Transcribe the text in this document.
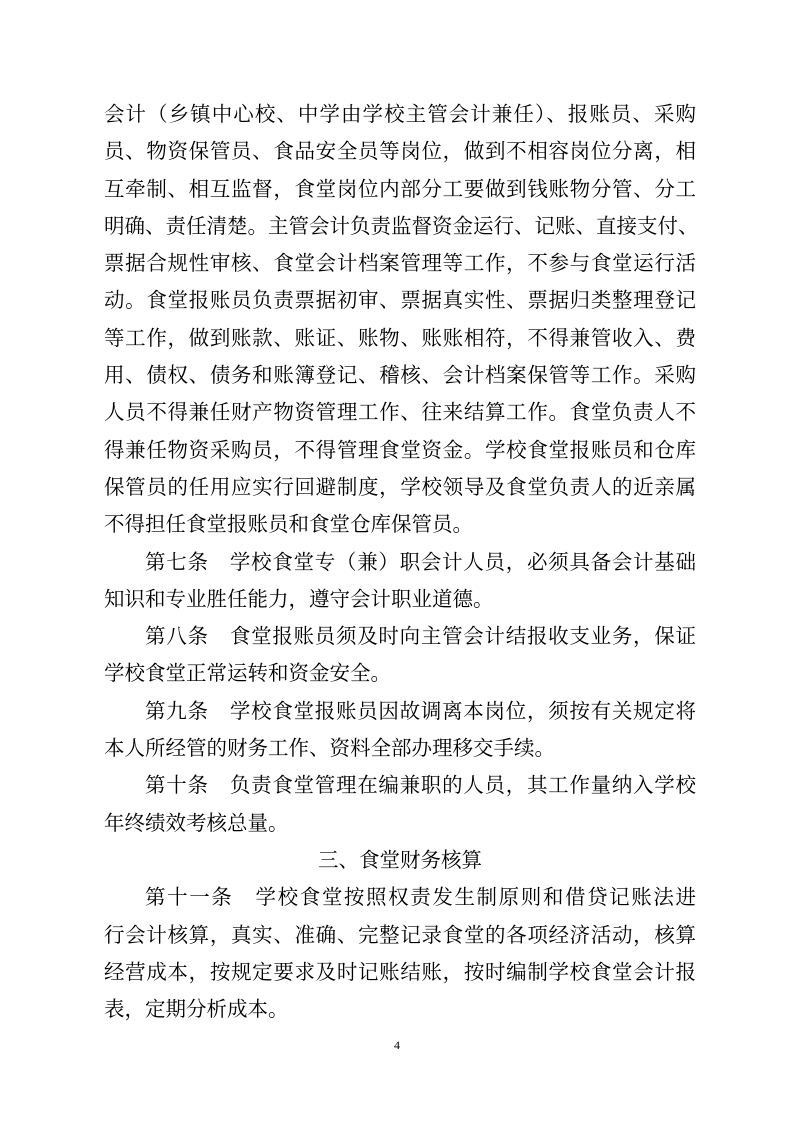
会计（乡镇中心校、中学由学校主管会计兼任）、报账员、采购
员、物资保管员、食品安全员等岗位，做到不相容岗位分离，相
互牵制、相互监督，食堂岗位内部分工要做到钱账物分管、分工
明确、责任清楚。主管会计负责监督资金运行、记账、直接支付、
票据合规性审核、食堂会计档案管理等工作，不参与食堂运行活
动。食堂报账员负责票据初审、票据真实性、票据归类整理登记
等工作，做到账款、账证、账物、账账相符，不得兼管收入、费
用、债权、债务和账簿登记、稽核、会计档案保管等工作。采购
人员不得兼任财产物资管理工作、往来结算工作。食堂负责人不
得兼任物资采购员，不得管理食堂资金。学校食堂报账员和仓库
保管员的任用应实行回避制度，学校领导及食堂负责人的近亲属
不得担任食堂报账员和食堂仓库保管员。
第七条　学校食堂专（兼）职会计人员，必须具备会计基础
知识和专业胜任能力，遵守会计职业道德。
第八条　食堂报账员须及时向主管会计结报收支业务，保证
学校食堂正常运转和资金安全。
第九条　学校食堂报账员因故调离本岗位，须按有关规定将
本人所经管的财务工作、资料全部办理移交手续。
第十条　负责食堂管理在编兼职的人员，其工作量纳入学校
年终绩效考核总量。
三、食堂财务核算
第十一条　学校食堂按照权责发生制原则和借贷记账法进
行会计核算，真实、准确、完整记录食堂的各项经济活动，核算
经营成本，按规定要求及时记账结账，按时编制学校食堂会计报
表，定期分析成本。
4
